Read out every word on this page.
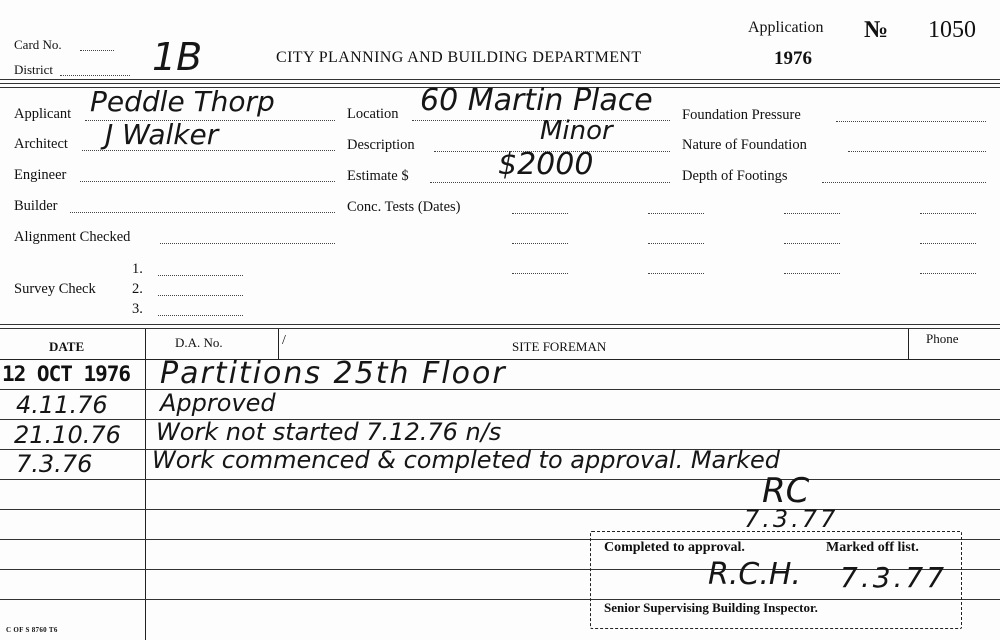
Card No.
District	1B	CITY PLANNING AND BUILDING DEPARTMENT
Application № 1050
1976
Applicant Peddle Thorp
Architect J Walker
Engineer
Builder
Alignment Checked
1.
Survey Check	2.
3.
Location 60 Martin Place
Description	Minor
Estimate $	$2000
Conc. Tests (Dates)
Foundation Pressure
Nature of Foundation
Depth of Footings
DATE	D.A. No.	/	SITE FOREMAN
Phone
12 OCT 1976 Partitions 25th Floor
4.11.76 Approved
21.10.76 Work not started 7.12.76 n/s
7.3.76 Work commenced & completed to approval. Marked
RC
7.3.77
Completed to approval.	Marked off list.
R.C.H. 7.3.77
Senior Supervising Building Inspector.
C OF S 8760 T6
